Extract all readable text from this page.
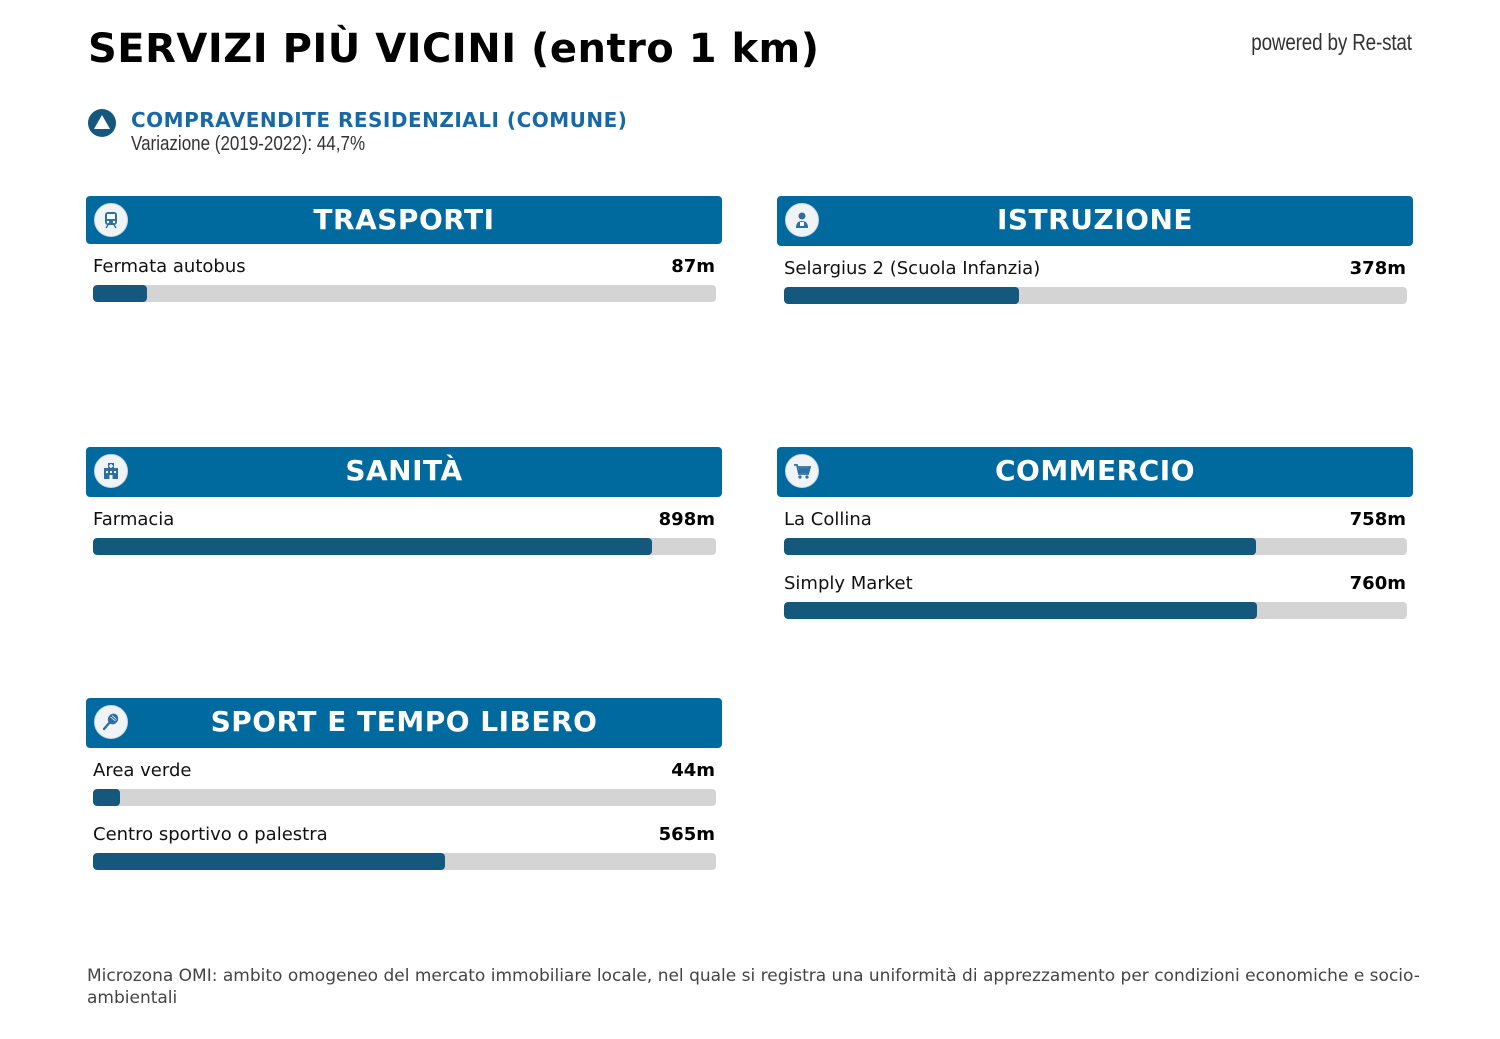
SERVIZI PIÙ VICINI (entro 1 km)	powered by Re-stat
COMPRAVENDITE RESIDENZIALI (COMUNE)
Variazione (2019-2022): 44,7%
TRASPORTI
Fermata autobus	87m
ISTRUZIONE
Selargius 2 (Scuola Infanzia)	378m
SANITÀ
Farmacia	898m
COMMERCIO
La Collina	758m
Simply Market	760m
SPORT E TEMPO LIBERO
Area verde	44m
Centro sportivo o palestra	565m
Microzona OMI: ambito omogeneo del mercato immobiliare locale, nel quale si registra una uniformità di apprezzamento per condizioni economiche e socio-ambientali
